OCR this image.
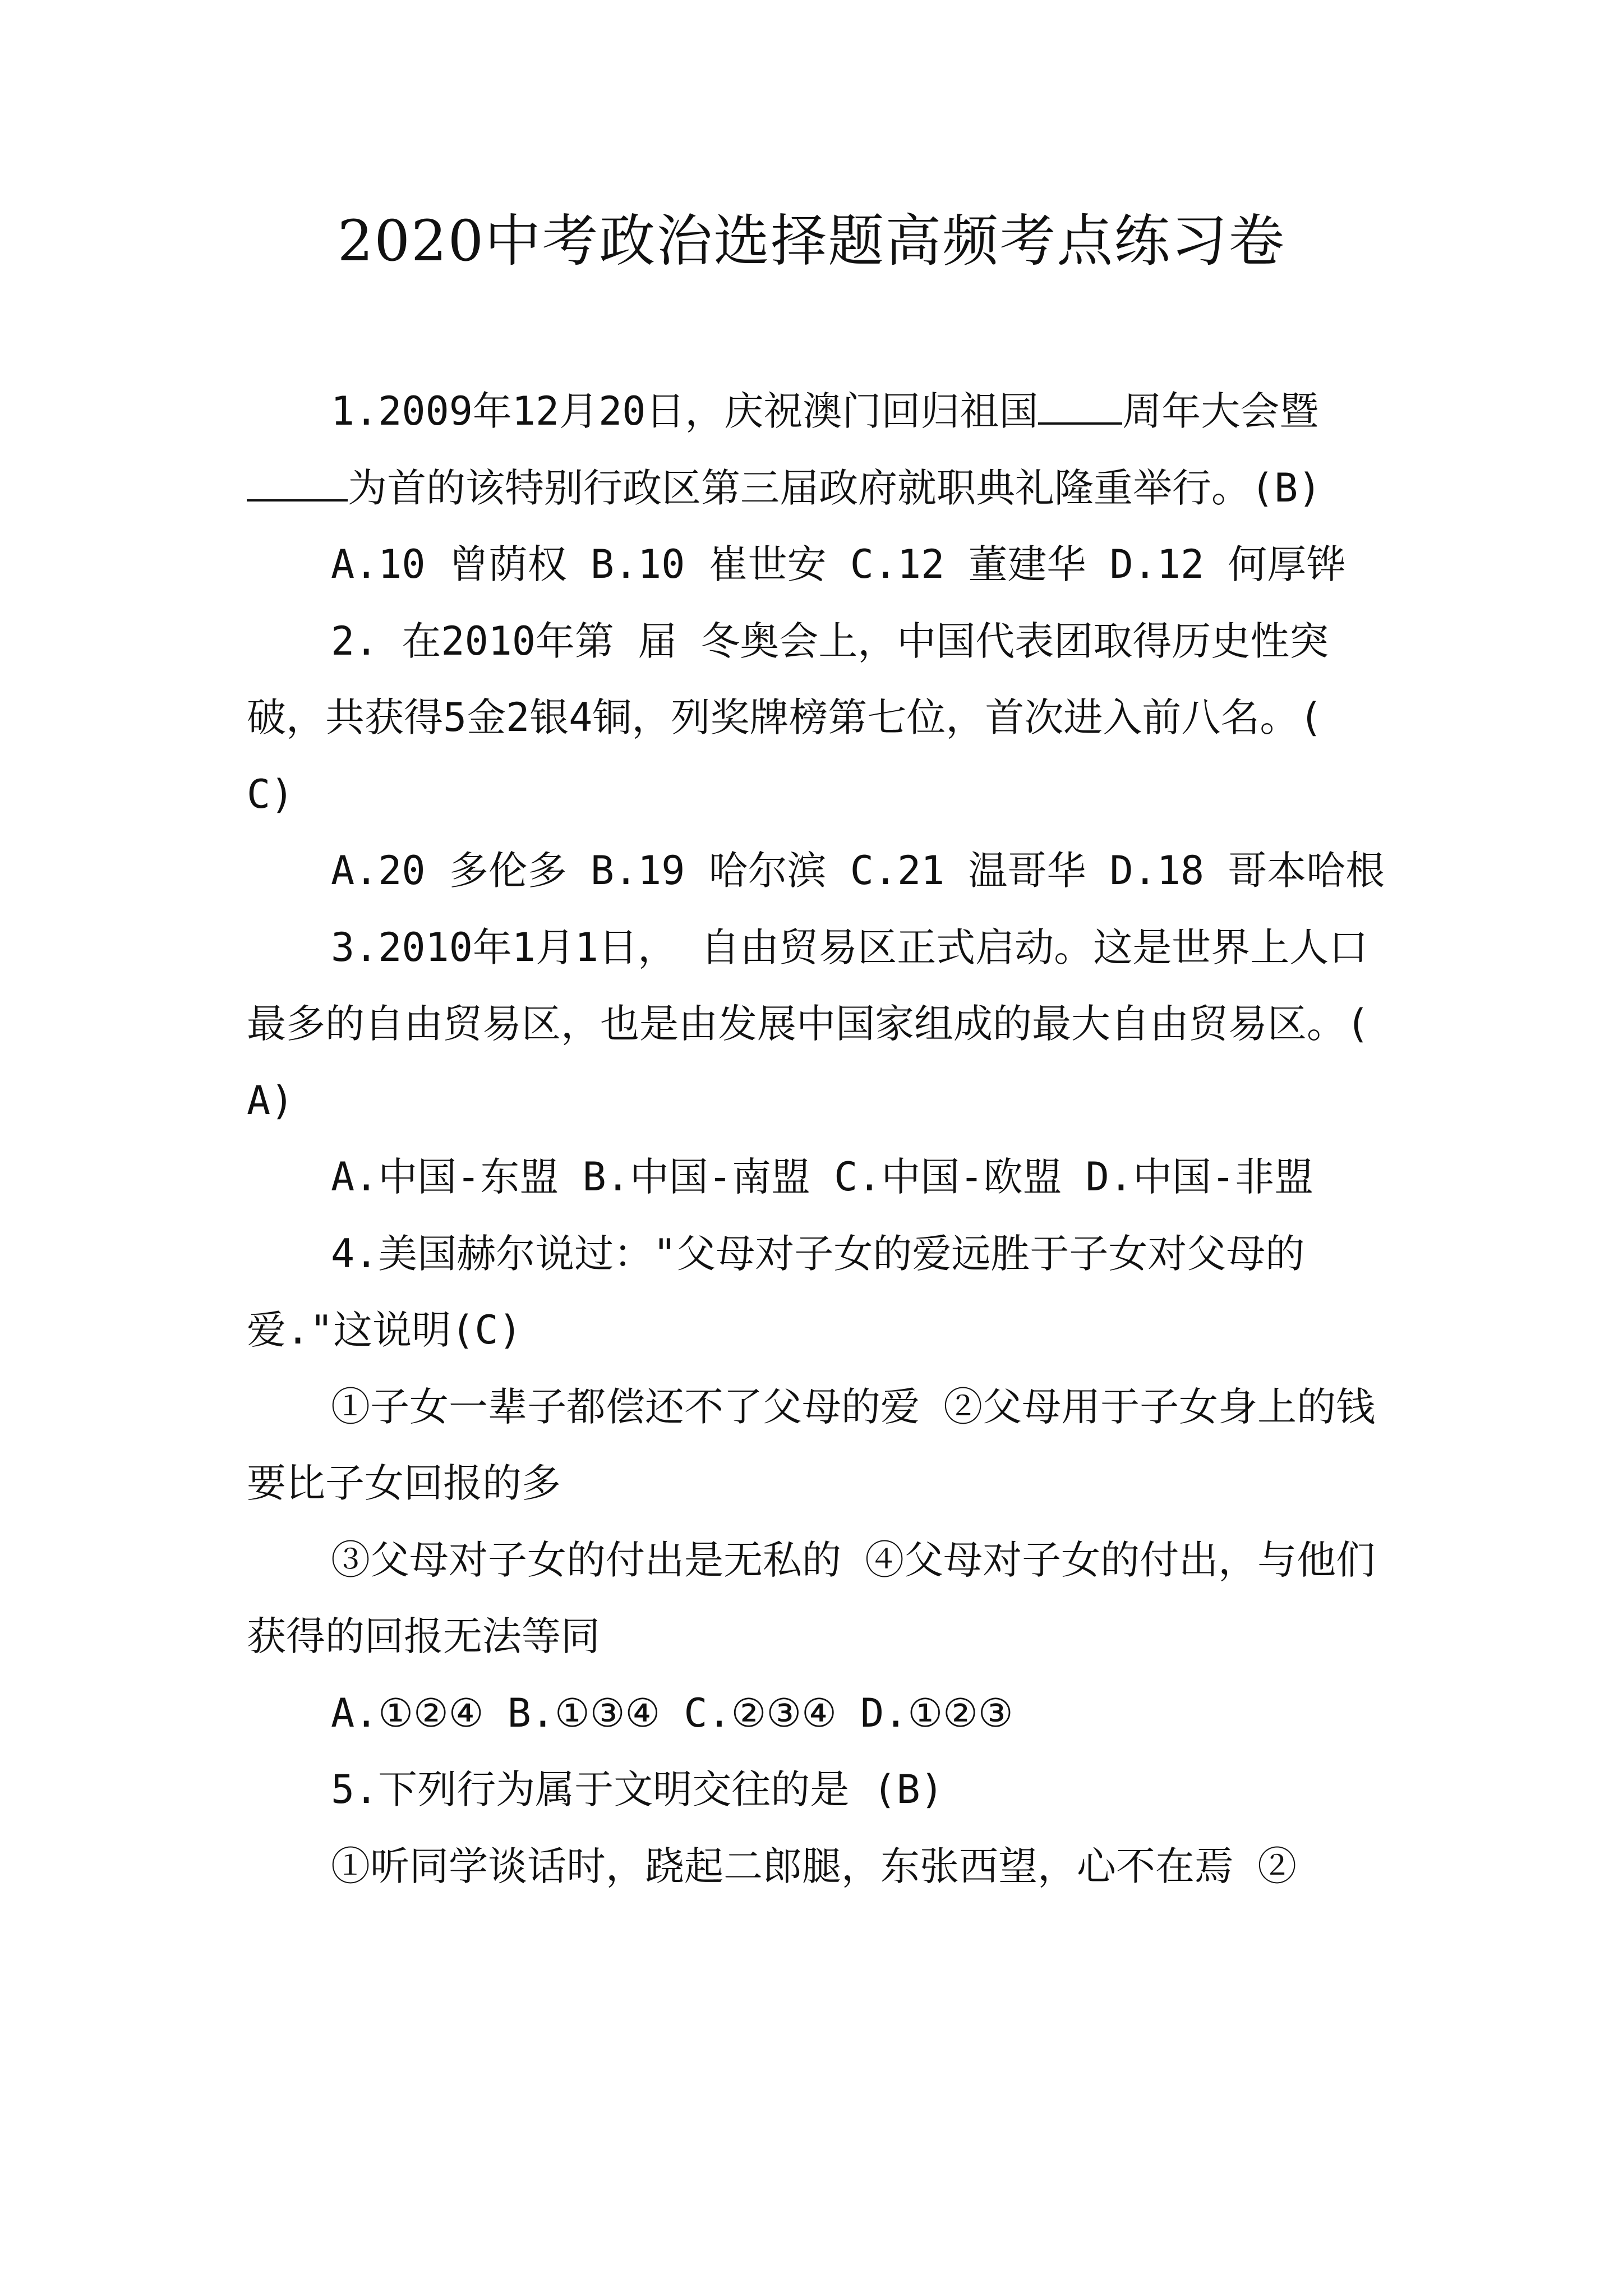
2020中考政治选择题高频考点练习卷

1.2009年12月20日，庆祝澳门回归祖国 周年大会暨为首的该特别行政区第三届政府就职典礼隆重举行。(B)

A.10 曾荫权 B.10 崔世安 C.12 董建华 D.12 何厚铧

2. 在2010年第 届 冬奥会上，中国代表团取得历史性突破，共获得5金2银4铜，列奖牌榜第七位，首次进入前八名。( C)

A.20 多伦多 B.19 哈尔滨 C.21 温哥华 D.18 哥本哈根

3.2010年1月1日， 自由贸易区正式启动。这是世界上人口最多的自由贸易区，也是由发展中国家组成的最大自由贸易区。( A)

A.中国-东盟 B.中国-南盟 C.中国-欧盟 D.中国-非盟

4.美国赫尔说过："父母对子女的爱远胜于子女对父母的爱."这说明(C)

①子女一辈子都偿还不了父母的爱 ②父母用于子女身上的钱要比子女回报的多

③父母对子女的付出是无私的 ④父母对子女的付出，与他们获得的回报无法等同

A.①②④ B.①③④ C.②③④ D.①②③

5.下列行为属于文明交往的是 (B)

①听同学谈话时，跷起二郎腿，东张西望，心不在焉 ②
